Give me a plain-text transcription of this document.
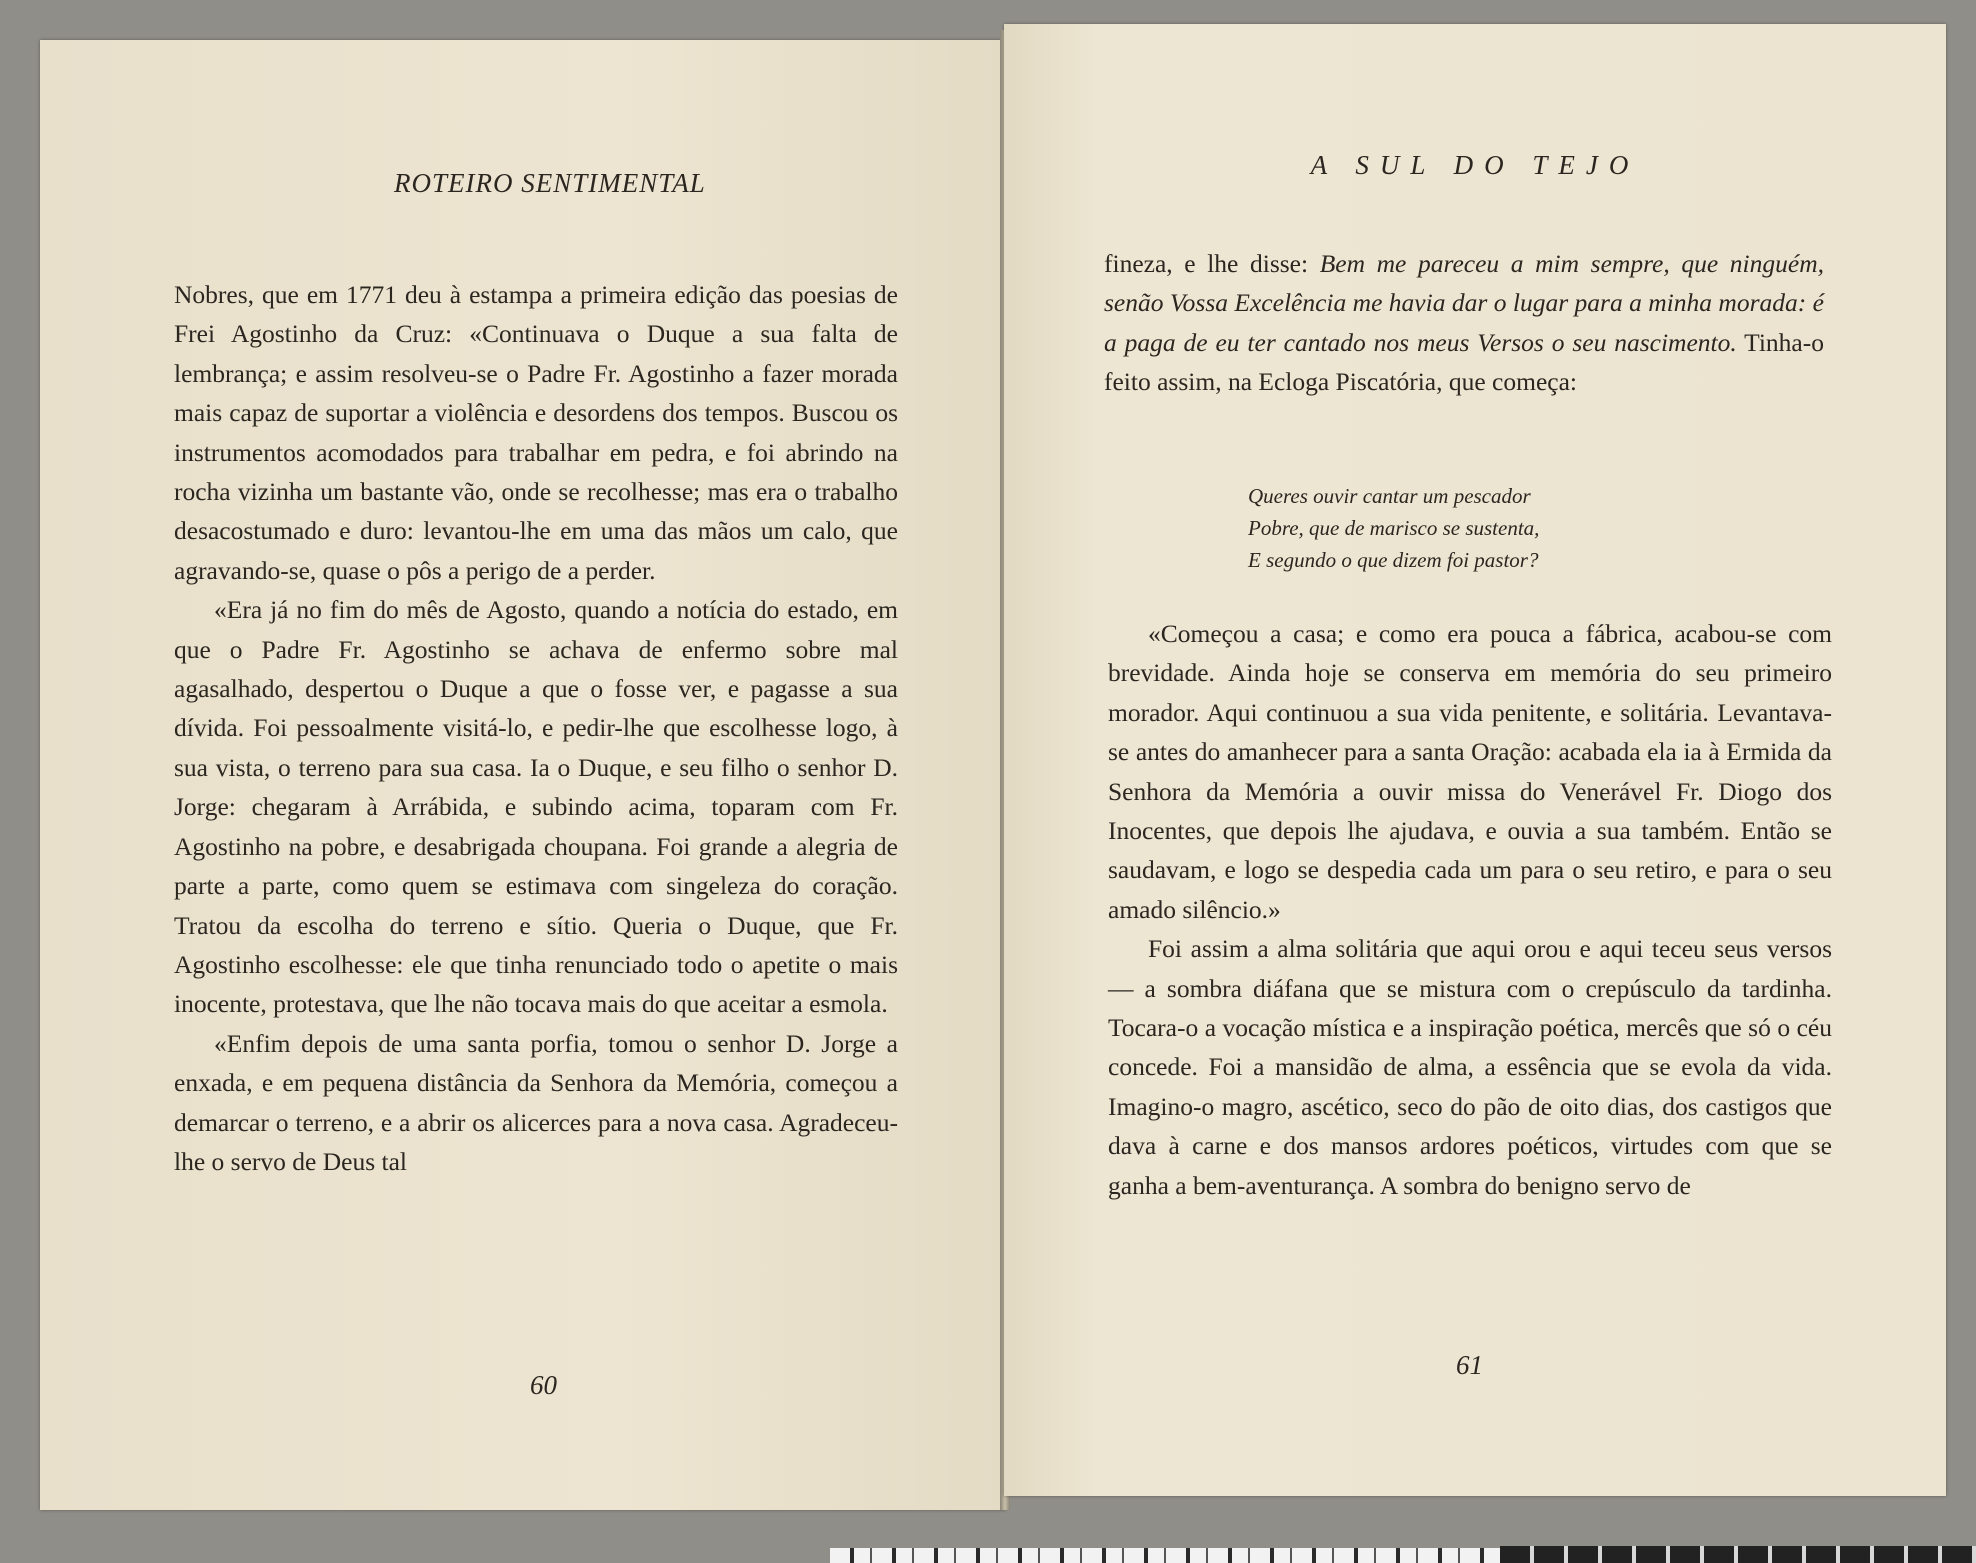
ROTEIRO SENTIMENTAL

Nobres, que em 1771 deu à estampa a primeira edição das poesias de Frei Agostinho da Cruz: «Continuava o Duque a sua falta de lembrança; e assim resolveu-se o Padre Fr. Agostinho a fazer morada mais capaz de suportar a violência e desordens dos tempos. Buscou os instrumentos acomodados para trabalhar em pedra, e foi abrindo na rocha vizinha um bastante vão, onde se recolhesse; mas era o trabalho desacostumado e duro: levantou-lhe em uma das mãos um calo, que agravando-se, quase o pôs a perigo de a perder.

«Era já no fim do mês de Agosto, quando a notícia do estado, em que o Padre Fr. Agostinho se achava de enfermo sobre mal agasalhado, despertou o Duque a que o fosse ver, e pagasse a sua dívida. Foi pessoalmente visitá-lo, e pedir-lhe que escolhesse logo, à sua vista, o terreno para sua casa. Ia o Duque, e seu filho o senhor D. Jorge: chegaram à Arrábida, e subindo acima, toparam com Fr. Agostinho na pobre, e desabrigada choupana. Foi grande a alegria de parte a parte, como quem se estimava com singeleza do coração. Tratou da escolha do terreno e sítio. Queria o Duque, que Fr. Agostinho escolhesse: ele que tinha renunciado todo o apetite o mais inocente, protestava, que lhe não tocava mais do que aceitar a esmola.

«Enfim depois de uma santa porfia, tomou o senhor D. Jorge a enxada, e em pequena distância da Senhora da Memória, começou a demarcar o terreno, e a abrir os alicerces para a nova casa. Agradeceu-lhe o servo de Deus tal

60
A SUL DO TEJO

fineza, e lhe disse: Bem me pareceu a mim sempre, que ninguém, senão Vossa Excelência me havia dar o lugar para a minha morada: é a paga de eu ter cantado nos meus Versos o seu nascimento. Tinha-o feito assim, na Ecloga Piscatória, que começa:

Queres ouvir cantar um pescador
Pobre, que de marisco se sustenta,
E segundo o que dizem foi pastor?

«Começou a casa; e como era pouca a fábrica, acabou-se com brevidade. Ainda hoje se conserva em memória do seu primeiro morador. Aqui continuou a sua vida penitente, e solitária. Levantava-se antes do amanhecer para a santa Oração: acabada ela ia à Ermida da Senhora da Memória a ouvir missa do Venerável Fr. Diogo dos Inocentes, que depois lhe ajudava, e ouvia a sua também. Então se saudavam, e logo se despedia cada um para o seu retiro, e para o seu amado silêncio.»

Foi assim a alma solitária que aqui orou e aqui teceu seus versos — a sombra diáfana que se mistura com o crepúsculo da tardinha. Tocara-o a vocação mística e a inspiração poética, mercês que só o céu concede. Foi a mansidão de alma, a essência que se evola da vida. Imagino-o magro, ascético, seco do pão de oito dias, dos castigos que dava à carne e dos mansos ardores poéticos, virtudes com que se ganha a bem-aventurança. A sombra do benigno servo de

61
